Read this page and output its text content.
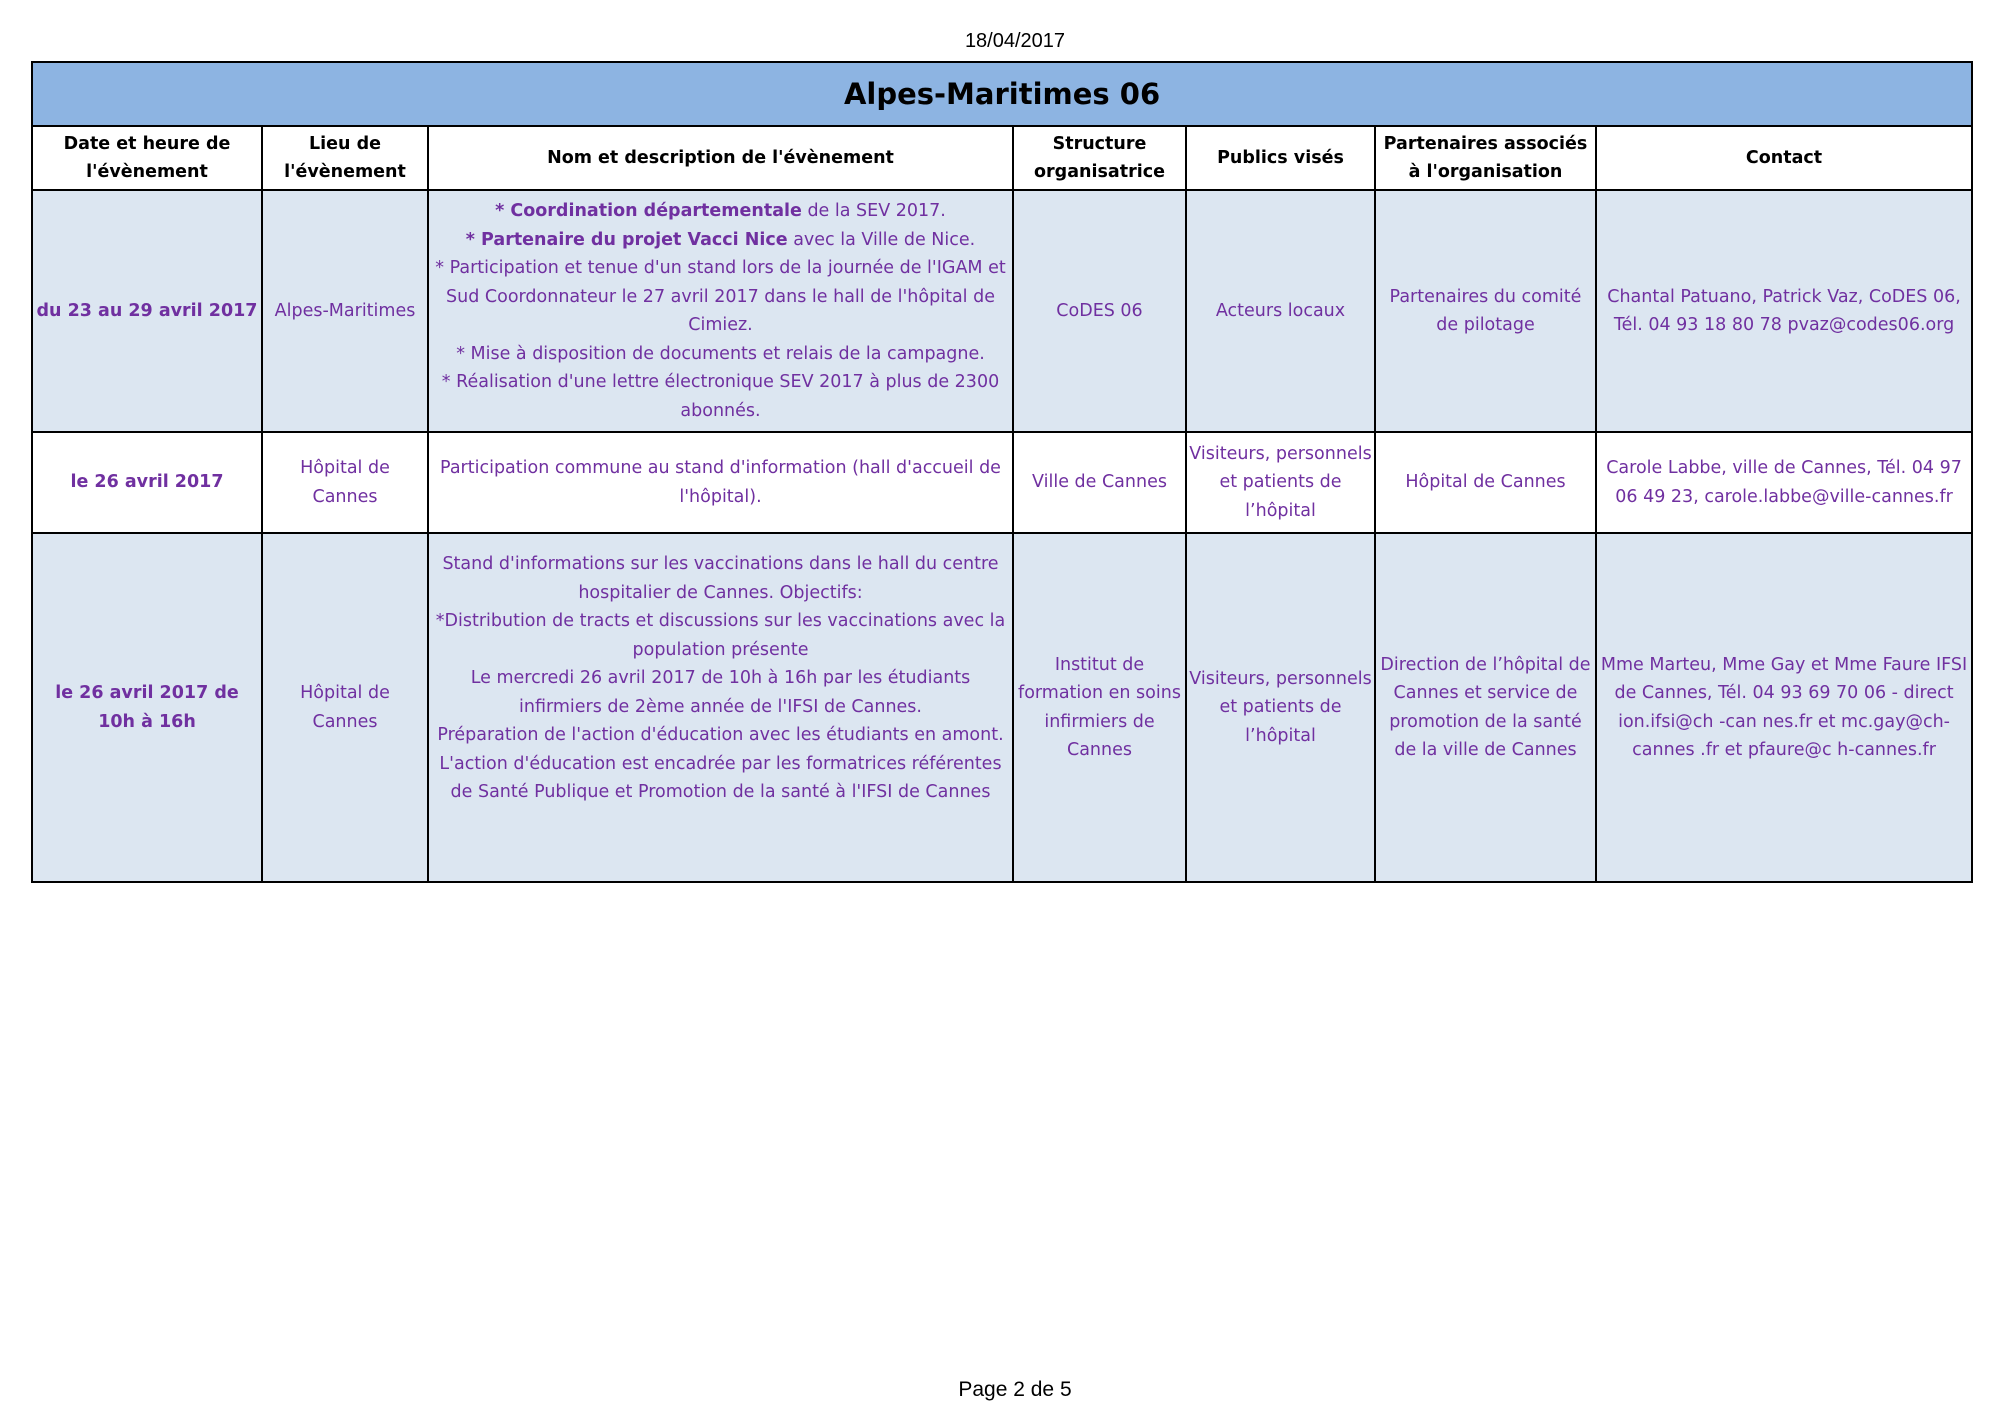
18/04/2017
Alpes-Maritimes 06						
Date et heure de l'évènement	Lieu de l'évènement	Nom et description de l'évènement	Structure organisatrice	Publics visés	Partenaires associés à l'organisation	Contact
du 23 au 29 avril 2017	Alpes-Maritimes	* Coordination départementale de la SEV 2017.
* Partenaire du projet Vacci Nice avec la Ville de Nice.
* Participation et tenue d'un stand lors de la journée de l'IGAM et Sud Coordonnateur le 27 avril 2017 dans le hall de l'hôpital de Cimiez.
* Mise à disposition de documents et relais de la campagne.
* Réalisation d'une lettre électronique SEV 2017 à plus de 2300 abonnés.	CoDES 06	Acteurs locaux	Partenaires du comité de pilotage	Chantal Patuano, Patrick Vaz, CoDES 06, Tél. 04 93 18 80 78 pvaz@codes06.org
le 26 avril 2017	Hôpital de Cannes	Participation commune au stand d'information (hall d'accueil de l'hôpital).	Ville de Cannes	Visiteurs, personnels et patients de l’hôpital	Hôpital de Cannes	Carole Labbe, ville de Cannes, Tél. 04 97 06 49 23, carole.labbe@ville-cannes.fr
le 26 avril 2017 de 10h à 16h	Hôpital de Cannes	Stand d'informations sur les vaccinations dans le hall du centre hospitalier de Cannes. Objectifs:
*Distribution de tracts et discussions sur les vaccinations avec la population présente
Le mercredi 26 avril 2017 de 10h à 16h par les étudiants infirmiers de 2ème année de l'IFSI de Cannes.
Préparation de l'action d'éducation avec les étudiants en amont.
L'action d'éducation est encadrée par les formatrices référentes de Santé Publique et Promotion de la santé à l'IFSI de Cannes	Institut de formation en soins infirmiers de Cannes	Visiteurs, personnels et patients de l’hôpital	Direction de l’hôpital de Cannes et service de promotion de la santé de la ville de Cannes	Mme Marteu, Mme Gay et Mme Faure IFSI de Cannes, Tél. 04 93 69 70 06 - direct ion.ifsi@ch -can nes.fr et mc.gay@ch-cannes .fr et pfaure@c h-cannes.fr
Page 2 de 5
